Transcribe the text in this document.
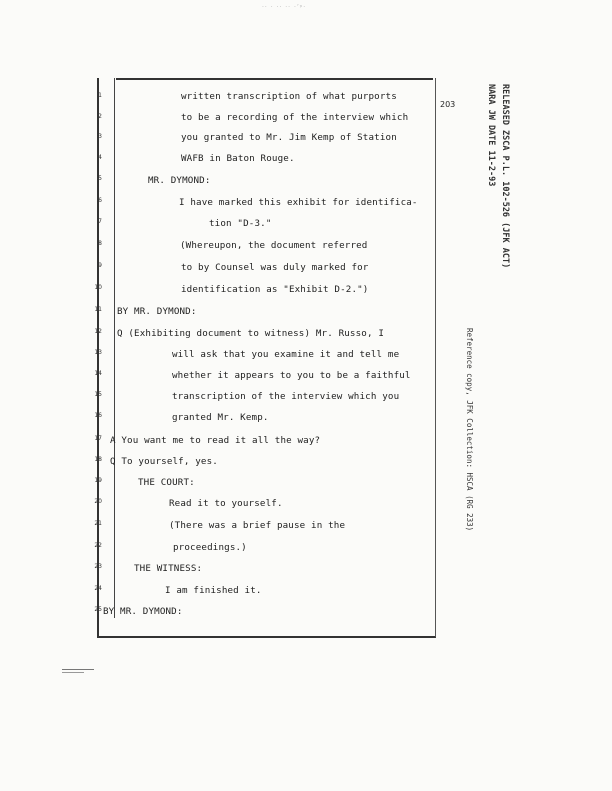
·· · ·· ·· ·’ᵖ·
203	RELEASED ZSCA P.L. 102-526 (JFK ACT)
NARA JW DATE 11-2-93
Reference copy, JFK Collection: HSCA (RG 233)
1
2
3
4
5
6
7
8
9
10
11
12
13
14
15
16
17
18
19
20
21
22
23
24
25
written transcription of what purports
to be a recording of the interview which
you granted to Mr. Jim Kemp of Station
WAFB in Baton Rouge.
MR. DYMOND:
I have marked this exhibit for identifica-
tion "D-3."
(Whereupon, the document referred
to by Counsel was duly marked for
identification as "Exhibit D-2.")
BY MR. DYMOND:
Q (Exhibiting document to witness) Mr. Russo, I
will ask that you examine it and tell me
whether it appears to you to be a faithful
transcription of the interview which you
granted Mr. Kemp.
A You want me to read it all the way?
Q To yourself, yes.
THE COURT:
Read it to yourself.
(There was a brief pause in the
proceedings.)
THE WITNESS:
I am finished it.
BY MR. DYMOND:
